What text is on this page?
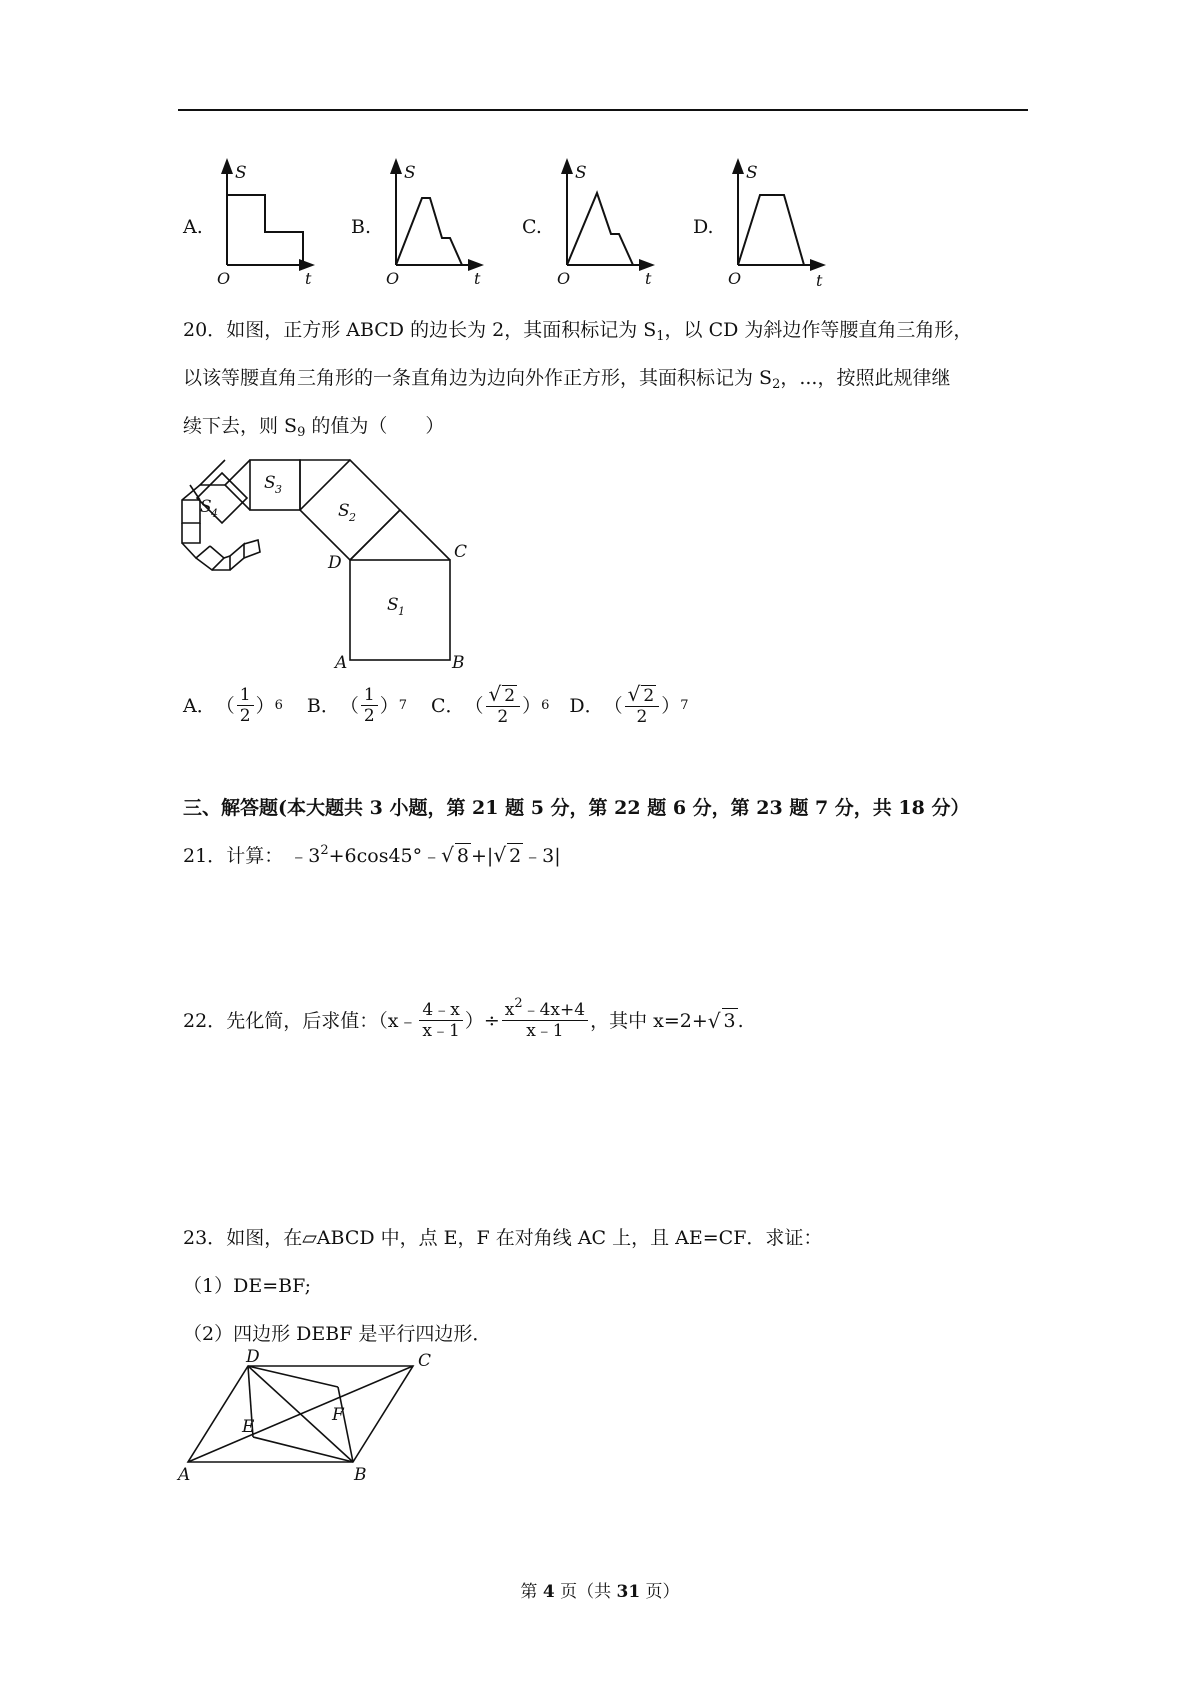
A.	B.	C.	D.
S
O	t
S
O	t
S
O	t
S
O	t
20．如图，正方形 ABCD 的边长为 2，其面积标记为 $S_1$，以 CD 为斜边作等腰直角三角形，
以该等腰直角三角形的一条直角边为边向外作正方形，其面积标记为 $S_2$，...，按照此规律继
续下去，则 $S_9$ 的值为（　　）
S 1
S 2
S 3
S 4
A	B
C
D
A． （ $\frac{1}{2}$ ） 6 B． （ $\frac{1}{2}$ ） 7 C． （ $\frac{√ 2}{2}$ ） 6 D． （ $\frac{√ 2}{2}$ ） 7
三、解答题(本大题共 3 小题，第 21 题 5 分，第 22 题 6 分，第 23 题 7 分，共 18 分）
21．计算： $﹣3^2+6\cos 45^\circ﹣√$ 8 +|√ 2 ﹣3|
22． 先化简，后求值：（x﹣ $\frac{4﹣x}{x﹣1}$ ）÷ $\frac{x^2﹣4x+4}{x﹣1}$ ，其中 x=2+ √ 3 .
23．如图，在▱ABCD 中，点 E，F 在对角线 AC 上，且 AE=CF．求证：
（1）DE=BF;
（2）四边形 DEBF 是平行四边形．
A	B
C
D
E
F
第 4 页（共 31 页）
